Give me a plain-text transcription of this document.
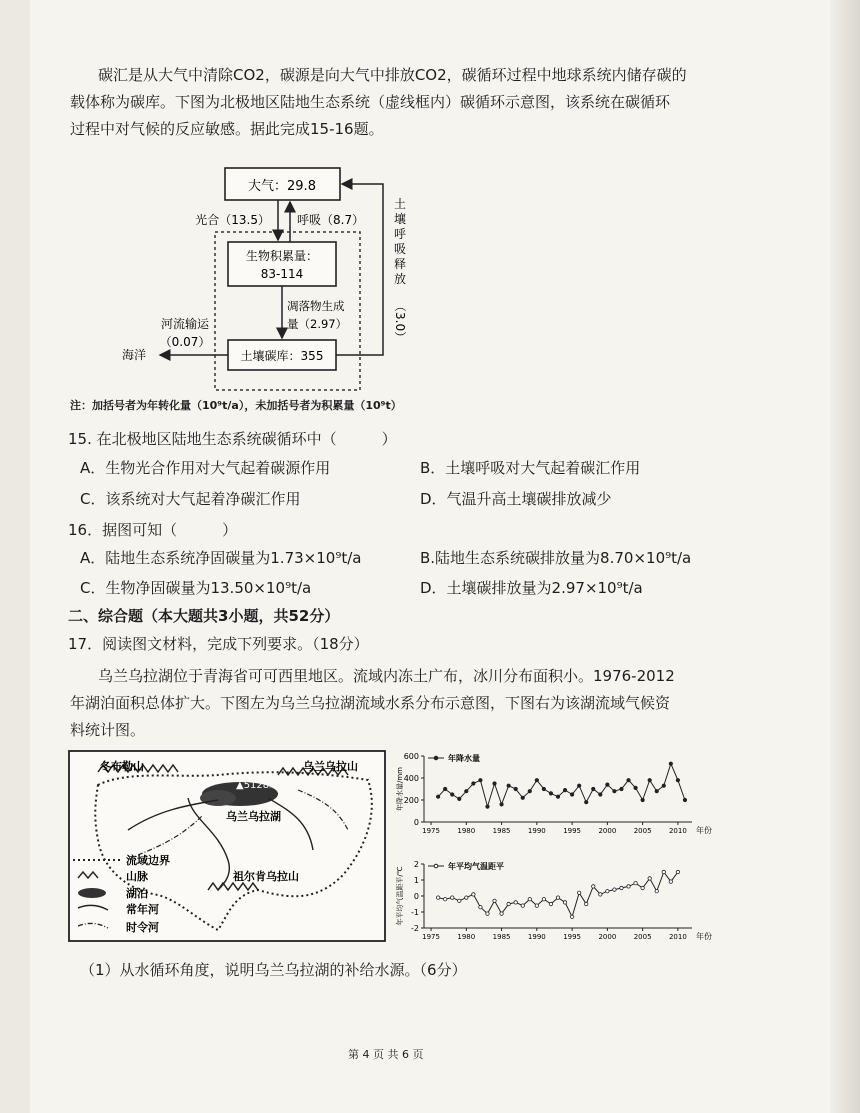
碳汇是从大气中清除CO2，碳源是向大气中排放CO2，碳循环过程中地球系统内储存碳的
载体称为碳库。下图为北极地区陆地生态系统（虚线框内）碳循环示意图，该系统在碳循环
过程中对气候的反应敏感。据此完成15-16题。
大气：29.8
生物积累量：
83-114
土壤碳库：355
光合（13.5） 呼吸（8.7）
凋落物生成
量（2.97）
河流输运
（0.07）
海洋
土
壤
呼
吸
释
放
（3.0）
注：加括号者为年转化量（10⁹t/a），未加括号者为积累量（10⁹t）
15. 在北极地区陆地生态系统碳循环中（　　　）
A．生物光合作用对大气起着碳源作用	B．土壤呼吸对大气起着碳汇作用
C．该系统对大气起着净碳汇作用	D．气温升高土壤碳排放减少
16．据图可知（　　　）
A．陆地生态系统净固碳量为1.73×10⁹t/a	B.陆地生态系统碳排放量为8.70×10⁹t/a
C．生物净固碳量为13.50×10⁹t/a	D．土壤碳排放量为2.97×10⁹t/a
二、综合题（本大题共3小题，共52分）
17．阅读图文材料，完成下列要求。（18分）
乌兰乌拉湖位于青海省可可西里地区。流域内冻土广布，冰川分布面积小。1976-2012
年湖泊面积总体扩大。下图左为乌兰乌拉湖流域水系分布示意图，下图右为该湖流域气候资
料统计图。
冬布勒山	乌兰乌拉山
▲5128米
乌兰乌拉湖
祖尔肯乌拉山
流域边界
山脉
湖泊
常年河
时令河
0
200
400
600
1975 1980 1985 1990 1995 2000 2005 2010 年份
年降水量/mm
年降水量
-2
-1
0
1
2
1975 1980 1985 1990 1995 2000 2005 2010 年份
年平均气温距平/℃	年平均气温距平
（1）从水循环角度，说明乌兰乌拉湖的补给水源。（6分）
第 4 页 共 6 页
